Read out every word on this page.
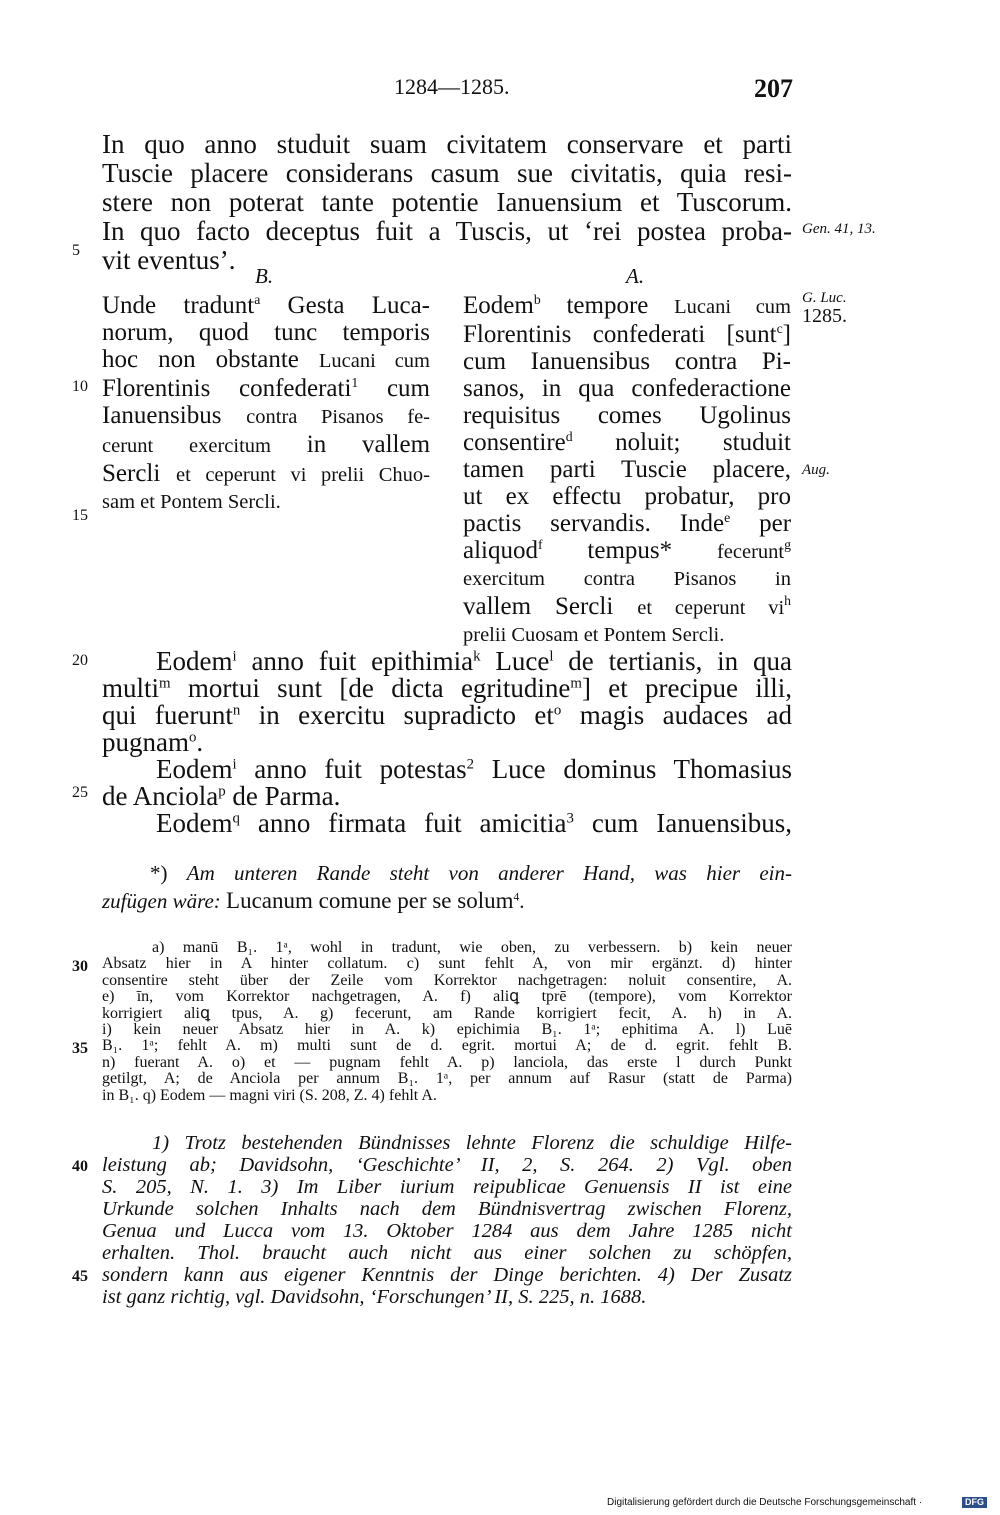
1284—1285.	207
In quo anno studuit suam civitatem conservare et parti
Tuscie placere considerans casum sue civitatis, quia resi-
stere non poterat tante potentie Ianuensium et Tuscorum.
In quo facto deceptus fuit a Tuscis, ut ‘rei postea proba-
vit eventus’.
B.	A.
Unde tradunt$^a$ Gesta Luca-
norum, quod tunc temporis
hoc non obstante Lucani cum
Florentinis confederati$^1$ cum
Ianuensibus contra Pisanos fe-
cerunt exercitum in vallem
Sercli et ceperunt vi prelii Chuo-
sam et Pontem Sercli.
Eodem$^b$ tempore Lucani cum
Florentinis confederati [sunt$^c$]
cum Ianuensibus contra Pi-
sanos, in qua confederactione
requisitus comes Ugolinus
consentire$^d$ noluit; studuit
tamen parti Tuscie placere,
ut ex effectu probatur, pro
pactis servandis. Inde$^e$ per
aliquod$^f$ tempus* fecerunt$^g$
exercitum contra Pisanos in
vallem Sercli et ceperunt $vi^h$
prelii Cuosam et Pontem Sercli.
Eodem$^i$ anno fuit epithimia$^k$ Luce$^l$ de tertianis, in qua
multi$^m$ mortui sunt [de dicta egritudine$^m$] et precipue illi,
qui fuerunt$^n$ in exercitu supradicto $et^o$ magis audaces ad
pugnam$^o$.
Eodem$^i$ anno fuit potestas$^2$ Luce dominus Thomasius
de Anciola$^p$ de Parma.
Eodem$^q$ anno firmata fuit amicitia$^3$ cum Ianuensibus,
*) Am unteren Rande steht von anderer Hand, was hier ein-
zufügen wäre: Lucanum comune per se solum$^4$.
a) manū B₁. 1ᵃ, wohl in tradunt, wie oben, zu verbessern. b) kein neuer
Absatz hier in A hinter collatum. c) sunt fehlt A, von mir ergänzt. d) hinter
consentire steht über der Zeile vom Korrektor nachgetragen: noluit consentire, A.
e) īn, vom Korrektor nachgetragen, A. f) aliꝗ tprē (tempore), vom Korrektor
korrigiert aliꝗ tpus, A. g) fecerunt, am Rande korrigiert fecit, A. h) in A.
i) kein neuer Absatz hier in A. k) epichimia B₁. 1ᵃ; ephitima A. l) Luē
B₁. 1ᵃ; fehlt A. m) multi sunt de d. egrit. mortui A; de d. egrit. fehlt B.
n) fuerant A. o) et — pugnam fehlt A. p) lanciola, das erste l durch Punkt
getilgt, A; de Anciola per annum B₁. 1ᵃ, per annum auf Rasur (statt de Parma)
in B₁. q) Eodem — magni viri (S. 208, Z. 4) fehlt A.
1) Trotz bestehenden Bündnisses lehnte Florenz die schuldige Hilfe-
leistung ab; Davidsohn, ‘Geschichte’ II, 2, S. 264. 2) Vgl. oben
S. 205, N. 1. 3) Im Liber iurium reipublicae Genuensis II ist eine
Urkunde solchen Inhalts nach dem Bündnisvertrag zwischen Florenz,
Genua und Lucca vom 13. Oktober 1284 aus dem Jahre 1285 nicht
erhalten. Thol. braucht auch nicht aus einer solchen zu schöpfen,
sondern kann aus eigener Kenntnis der Dinge berichten. 4) Der Zusatz
ist ganz richtig, vgl. Davidsohn, ‘Forschungen’ II, S. 225, n. 1688.
5
10
15
20
25
30
35
40
45
Gen. 41, 13.
G. Luc.
1285.
Aug.
Digitalisierung gefördert durch die Deutsche Forschungsgemeinschaft ·	DFG
